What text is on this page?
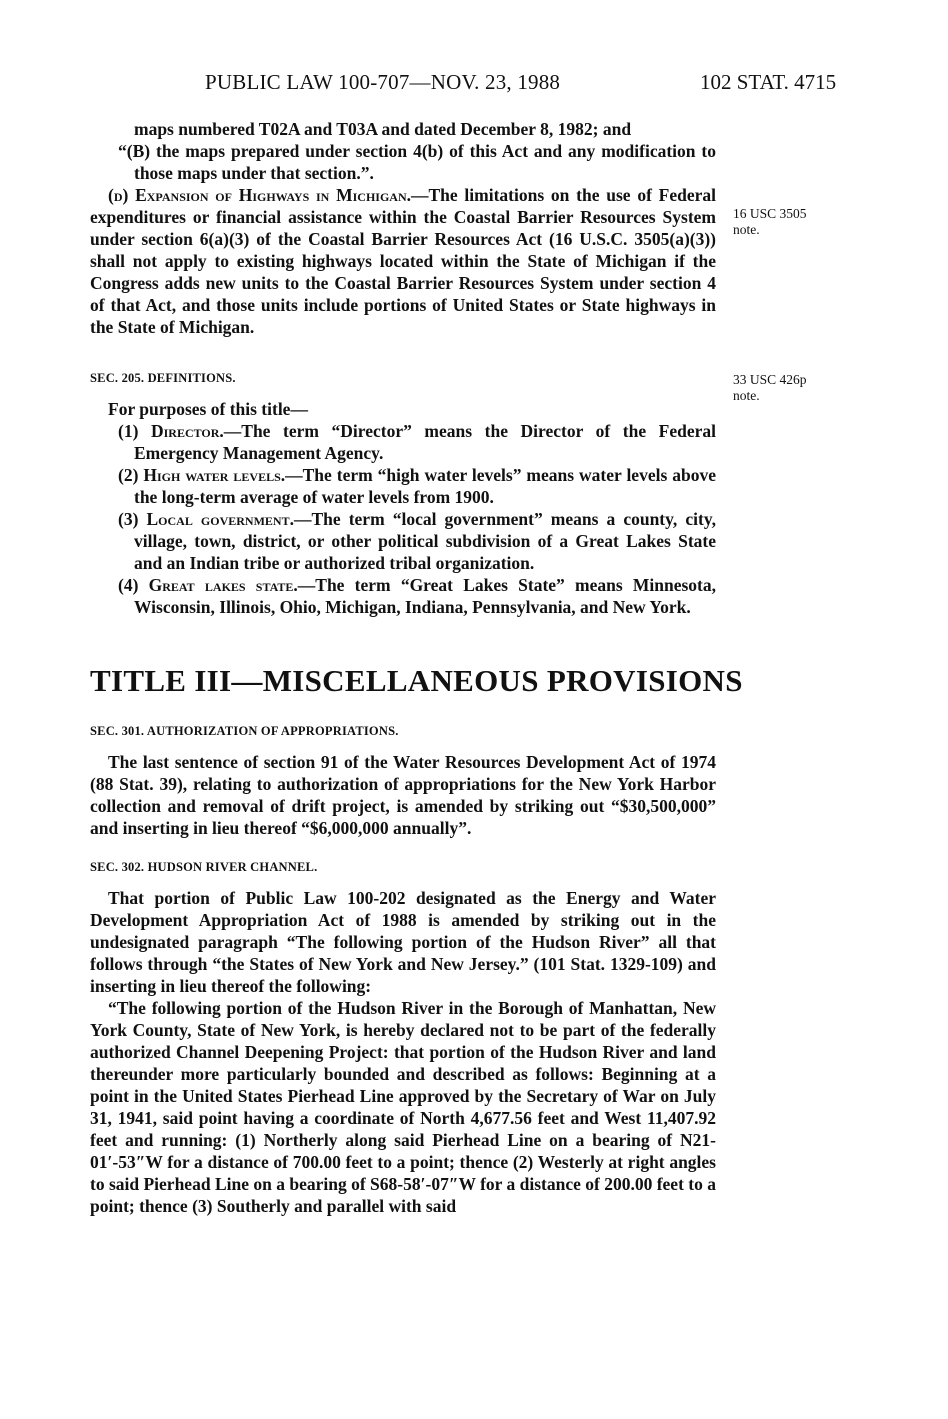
PUBLIC LAW 100-707—NOV. 23, 1988	102 STAT. 4715
16 USC 3505
note.
33 USC 426p
note.

maps numbered T02A and T03A and dated December 8, 1982; and

“(B) the maps prepared under section 4(b) of this Act and any modification to those maps under that section.”.

(d) Expansion of Highways in Michigan.—The limitations on the use of Federal expenditures or financial assistance within the Coastal Barrier Resources System under section 6(a)(3) of the Coastal Barrier Resources Act (16 U.S.C. 3505(a)(3)) shall not apply to existing highways located within the State of Michigan if the Congress adds new units to the Coastal Barrier Resources System under section 4 of that Act, and those units include portions of United States or State highways in the State of Michigan.

SEC. 205. DEFINITIONS.

For purposes of this title—

(1) Director.—The term “Director” means the Director of the Federal Emergency Management Agency.

(2) High water levels.—The term “high water levels” means water levels above the long-term average of water levels from 1900.

(3) Local government.—The term “local government” means a county, city, village, town, district, or other political subdivision of a Great Lakes State and an Indian tribe or authorized tribal organization.

(4) Great lakes state.—The term “Great Lakes State” means Minnesota, Wisconsin, Illinois, Ohio, Michigan, Indiana, Pennsylvania, and New York.

TITLE III—MISCELLANEOUS PROVISIONS

SEC. 301. AUTHORIZATION OF APPROPRIATIONS.

The last sentence of section 91 of the Water Resources Development Act of 1974 (88 Stat. 39), relating to authorization of appropriations for the New York Harbor collection and removal of drift project, is amended by striking out “$30,500,000” and inserting in lieu thereof “$6,000,000 annually”.

SEC. 302. HUDSON RIVER CHANNEL.

That portion of Public Law 100-202 designated as the Energy and Water Development Appropriation Act of 1988 is amended by striking out in the undesignated paragraph “The following portion of the Hudson River” all that follows through “the States of New York and New Jersey.” (101 Stat. 1329-109) and inserting in lieu thereof the following:

“The following portion of the Hudson River in the Borough of Manhattan, New York County, State of New York, is hereby declared not to be part of the federally authorized Channel Deepening Project: that portion of the Hudson River and land thereunder more particularly bounded and described as follows: Beginning at a point in the United States Pierhead Line approved by the Secretary of War on July 31, 1941, said point having a coordinate of North 4,677.56 feet and West 11,407.92 feet and running: (1) Northerly along said Pierhead Line on a bearing of N21-01′-53″W for a distance of 700.00 feet to a point; thence (2) Westerly at right angles to said Pierhead Line on a bearing of S68-58′-07″W for a distance of 200.00 feet to a point; thence (3) Southerly and parallel with said
